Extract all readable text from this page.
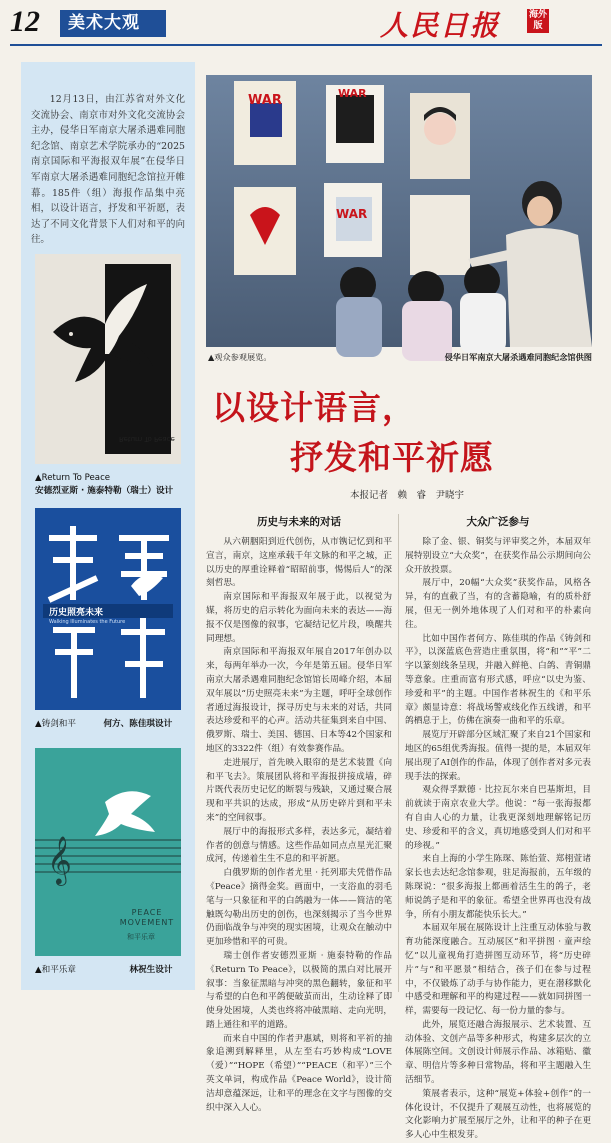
12	美术大观	人民日报	海外版
12月13日，由江苏省对外文化交流协会、南京市对外文化交流协会主办，侵华日军南京大屠杀遇难同胞纪念馆、南京艺术学院承办的“2025南京国际和平海报双年展”在侵华日军南京大屠杀遇难同胞纪念馆拉开帷幕。185件（组）海报作品集中亮相，以设计语言，抒发和平祈愿，表达了不同文化背景下人们对和平的向往。
Return To Peace
▲Return To Peace
安德烈亚斯 · 施泰特勒（瑞士）设计
历史照亮未来
Walking Illuminates the Future
▲铸剑和平	何方、陈佳琪设计
𝄞
PEACE MOVEMENT
和平乐章
▲和平乐章	林祝生设计
WAR	WAR
WAR
▲观众参观展览。	侵华日军南京大屠杀遇难同胞纪念馆供图
以设计语言，
抒发和平祈愿
本报记者　赖　睿　尹晓宇
历史与未来的对话

从六朝胭阳到近代创伤，从市镌记忆到和平宣言，南京，这座承载千年文脉的和平之城，正以历史的厚重诠释着“昭昭前事，惕惕后人”的深刻哲思。

南京国际和平海报双年展于此，以视觉为媒，将历史的启示转化为面向未来的表达——海报不仅是图像的叙事，它凝结记忆片段，唤醒共同理想。

南京国际和平海报双年展自2017年创办以来，每两年举办一次，今年是第五届。侵华日军南京大屠杀遇难同胞纪念馆馆长周峰介绍，本届双年展以“历史照亮未来”为主题，呼吁全球创作者通过海报设计，探寻历史与未来的对话，共同表达珍爱和平的心声。活动共征集到来自中国、俄罗斯、瑞士、美国、德国、日本等42个国家和地区的3322件（组）有效参赛作品。

走进展厅，首先映入眼帘的是艺术装置《向和平飞去》。策展团队将和平海报拼接成墙，碎片既代表历史记忆的断裂与残缺，又通过聚合展现和平共识的达成，形成“从历史碎片到和平未来”的空间叙事。

展厅中的海报形式多样，表达多元，凝结着作者的创意与情感。这些作品如同点点星光汇聚成河，传递着生生不息的和平祈愿。

白俄罗斯的创作者尤里 · 托列耶夫凭借作品《Peace》摘得金奖。画面中，一支浴血的羽毛笔与一只象征和平的白鸽融为一体——简洁的笔触既勾勒出历史的创伤，也深刻揭示了当今世界仍面临战争与冲突的现实困境，让观众在触动中更加珍惜和平的可贵。

瑞士创作者安德烈亚斯 · 施泰特勒的作品《Return To Peace》，以极简的黑白对比展开叙事：当象征黑暗与冲突的黑色翻转，象征和平与希望的白色和平鸽便破茧而出，生动诠释了即使身处困境，人类也终将冲破黑暗、走向光明，踏上通往和平的道路。

而来自中国的作者尹惠斌，则将和平祈的抽象追溯到解释里，从左至右巧妙构成“LOVE（爱）”“HOPE（希望）”“PEACE（和平）”三个英文单词，构成作品《Peace World》，设计简洁却意蕴深远，让和平的理念在文字与图像的交织中深入人心。

大众广泛参与

除了金、银、铜奖与评审奖之外，本届双年展特别设立“大众奖”，在获奖作品公示期间向公众开放投票。

展厅中，20幅“大众奖”获奖作品，风格各异，有的直截了当，有的含蓄隐喻，有的质朴舒展，但无一例外地体现了人们对和平的朴素向往。

比如中国作者何方、陈佳琪的作品《铸剑和平》，以深蓝底色营造庄重氛围，将“和”“平”二字以篆刻线条呈现，并融入鲜艳、白鸽、青铜鼎等意象。庄重而富有形式感，呼应“以史为鉴、珍爱和平”的主题。中国作者林祝生的《和平乐章》颇显诗意：将战场警戒线化作五线谱，和平鸽栖息于上，仿佛在演奏一曲和平的乐章。

展览厅开辟部分区域汇聚了来自21个国家和地区的65组优秀海报。值得一提的是，本届双年展出现了AI创作的作品，体现了创作者对多元表现手法的探索。

观众得孚默德 · 比拉瓦尔来自巴基斯坦，目前就读于南京农业大学。他说：“每一张海报都有自由人心的力量，让我更深刻地理解铭记历史、珍爱和平的含义，真切地感受到人们对和平的珍视。”

来自上海的小学生陈琛、陈怡萱、郑栩萱诸家长也去达纪念馆参观，驻足海报前，五年级的陈琛说：“很多海报上都画着活生生的鸽子，老师说鸽子是和平的象征。希望全世界再也没有战争，所有小朋友都能快乐长大。”

本届双年展在展陈设计上注重互动体验与教育功能深度融合。互动展区“和平拼图 · 童声绘忆”以儿童视角打造拼图互动环节，将“历史碎片”与“和平愿景”相结合，孩子们在参与过程中，不仅锻炼了动手与协作能力，更在潜移默化中感受和理解和平的构建过程——就如同拼图一样，需要每一段记忆、每一份力量的参与。

此外，展览还融合海报展示、艺术装置、互动体验、文创产品等多种形式，构建多层次的立体展陈空间。文创设计师展示作品、冰箱贴、徽章、明信片等多种日常物品，将和平主题融入生活细节。

策展者表示，这种“展览+体验+创作”的一体化设计，不仅提升了观展互动性，也将展览的文化影响力扩展至展厅之外，让和平的种子在更多人心中生根发芽。
